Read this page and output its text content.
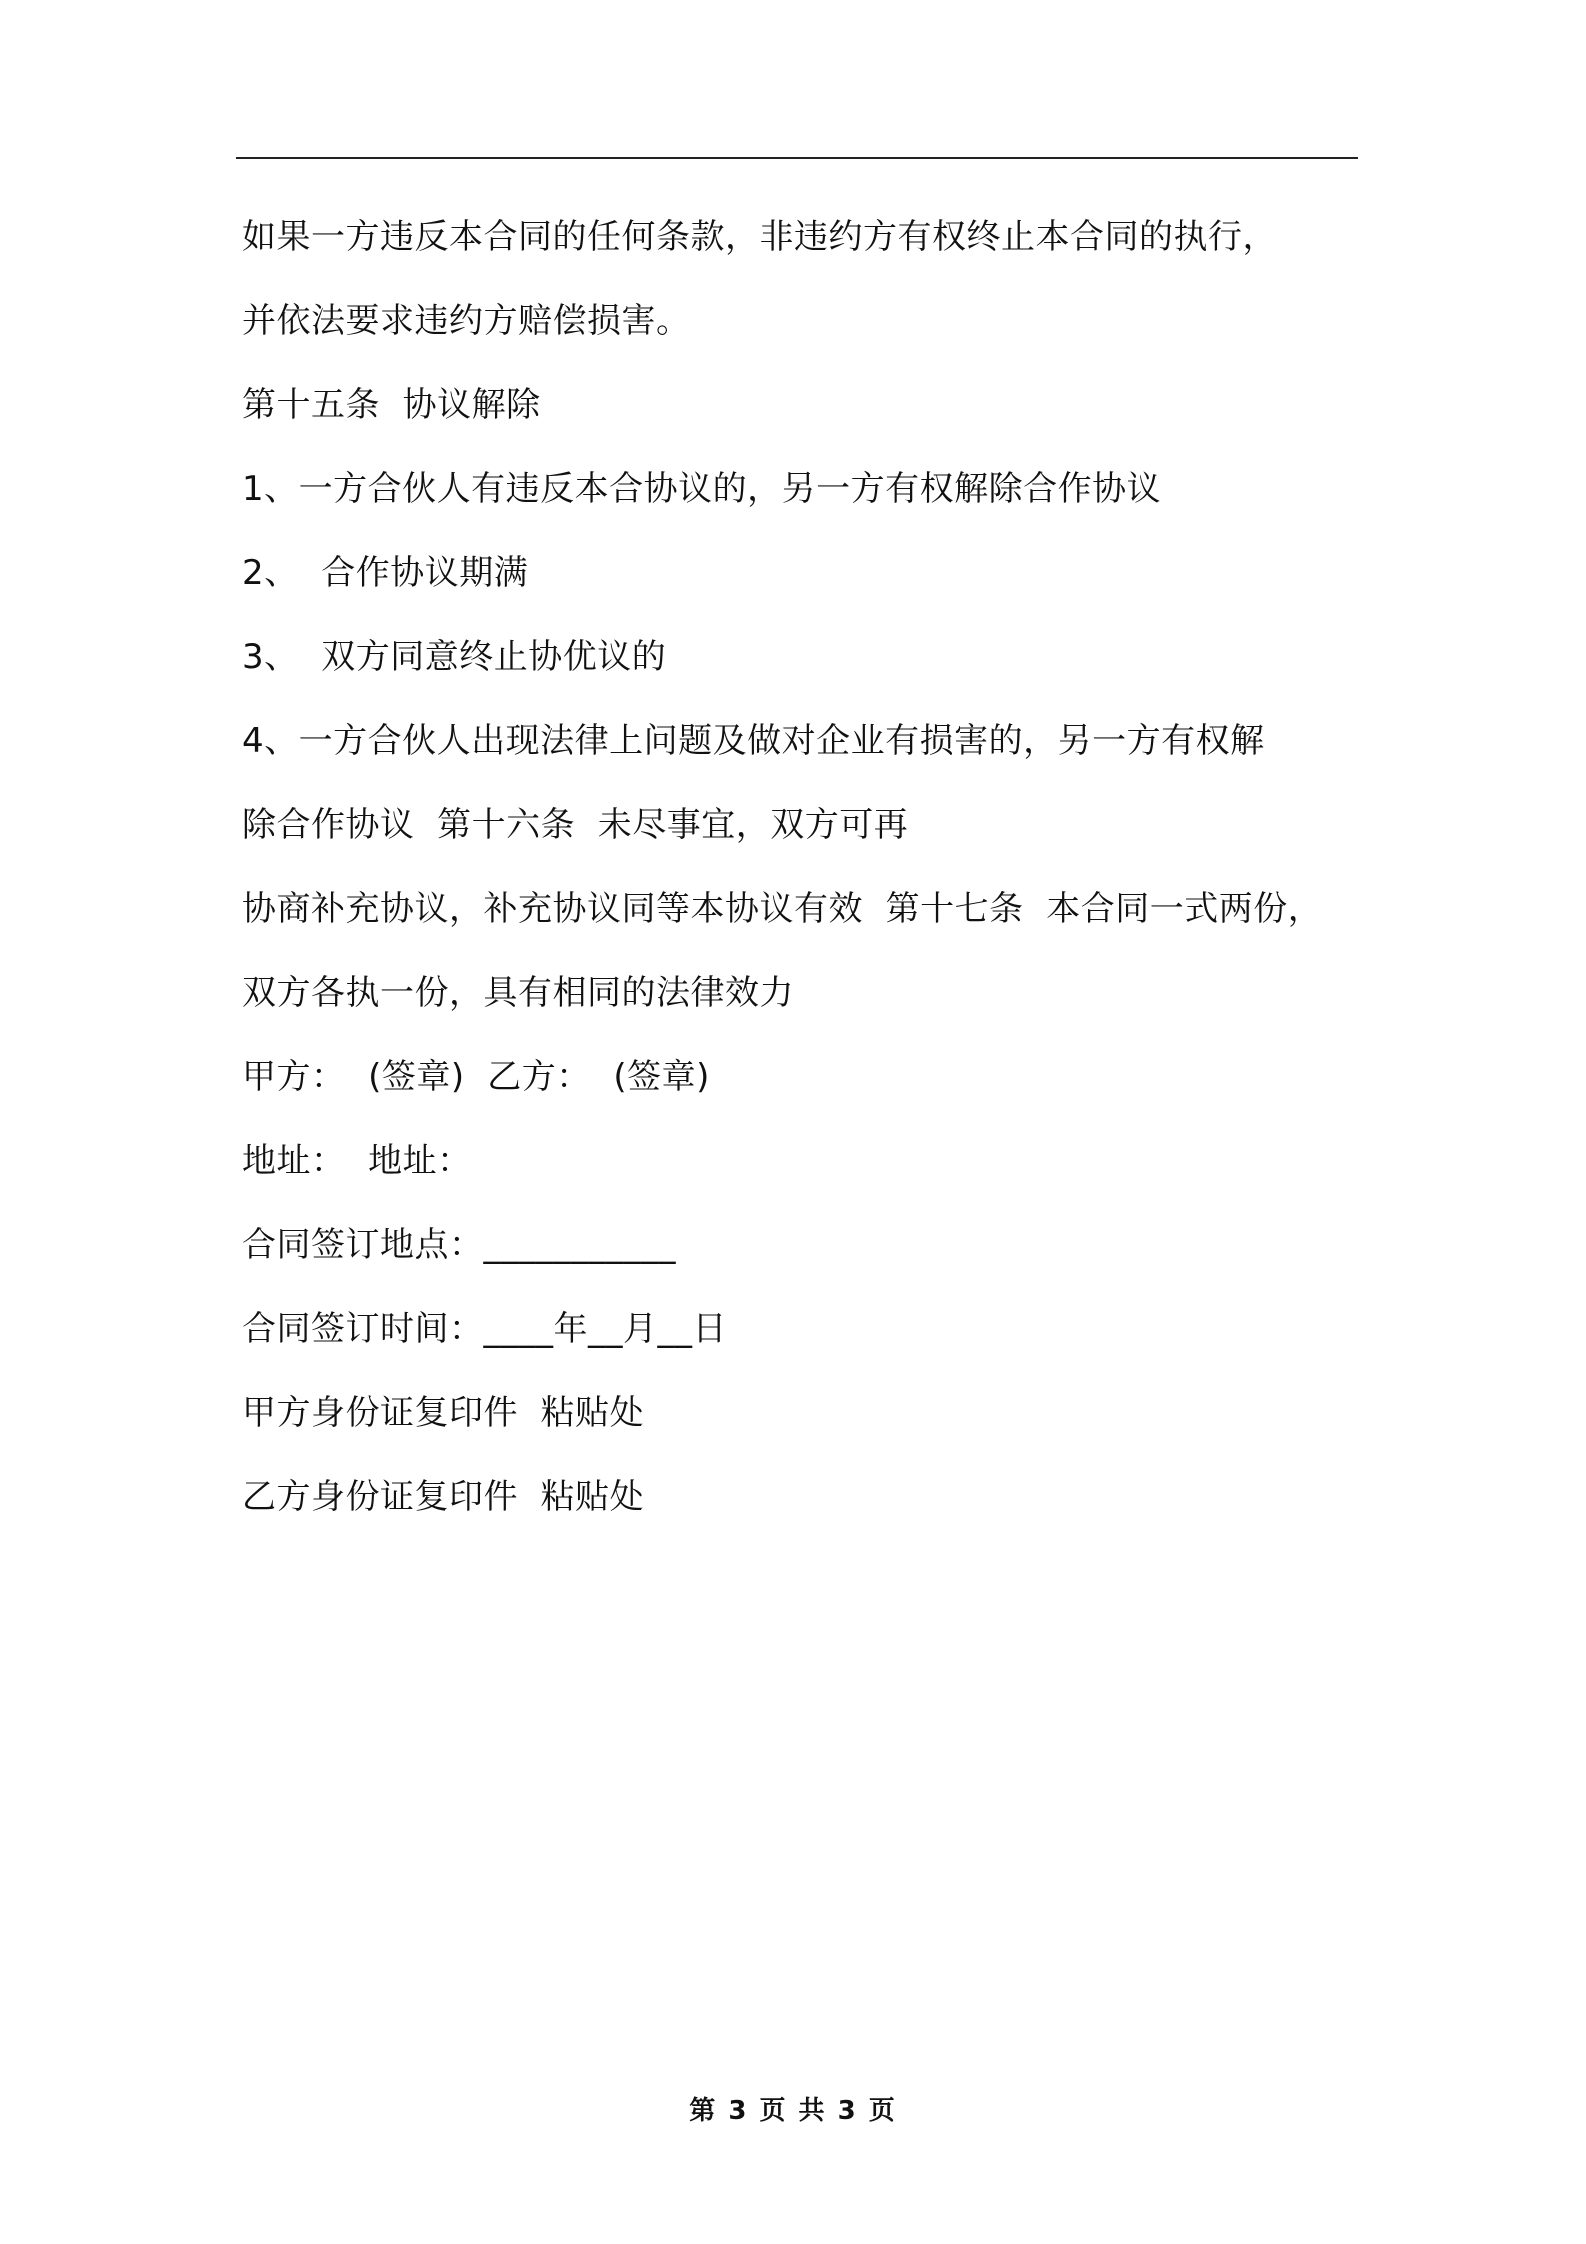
如果一方违反本合同的任何条款，非违约方有权终止本合同的执行，
并依法要求违约方赔偿损害。
第十五条  协议解除
1、一方合伙人有违反本合协议的，另一方有权解除合作协议
2、  合作协议期满
3、  双方同意终止协优议的
4、一方合伙人出现法律上问题及做对企业有损害的，另一方有权解
除合作协议  第十六条  未尽事宜，双方可再
协商补充协议，补充协议同等本协议有效  第十七条  本合同一式两份，
双方各执一份，具有相同的法律效力
甲方：  (签章)  乙方：  (签章)
地址：  地址：
合同签订地点：___________
合同签订时间：____年__月__日
甲方身份证复印件  粘贴处
乙方身份证复印件  粘贴处
第 3 页 共 3 页
